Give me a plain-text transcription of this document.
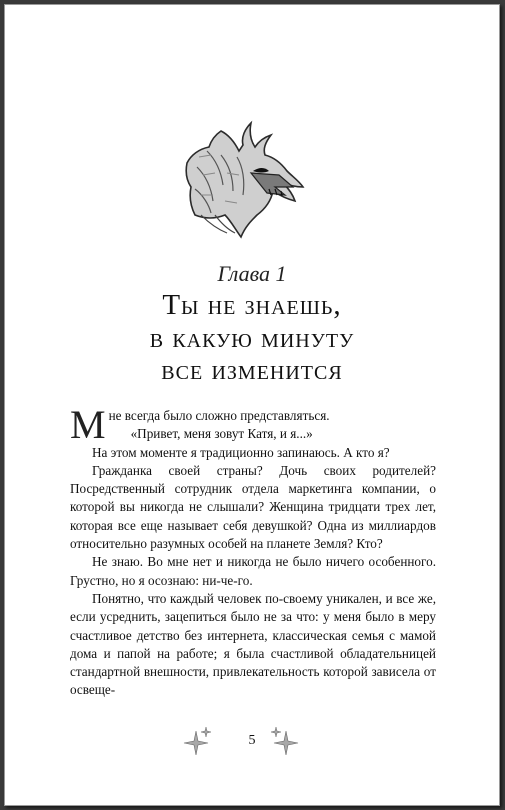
Глава 1
Ты не знаешь,
в какую минуту
все изменится

Мне всегда было сложно представляться.

«Привет, меня зовут Катя, и я...»

На этом моменте я традиционно запинаюсь. А кто я?

Гражданка своей страны? Дочь своих родителей? Посредственный сотрудник отдела маркетинга компании, о которой вы никогда не слышали? Женщина тридцати трех лет, которая все еще называет себя девушкой? Одна из миллиардов относительно разумных особей на планете Земля? Кто?

Не знаю. Во мне нет и никогда не было ничего особенного. Грустно, но я осознаю: ни-че-го.

Понятно, что каждый человек по-своему уникален, и все же, если усреднить, зацепиться было не за что: у меня было в меру счастливое детство без интернета, классическая семья с мамой дома и папой на работе; я была счастливой обладательницей стандартной внешности, привлекательность которой зависела от освеще-

5
